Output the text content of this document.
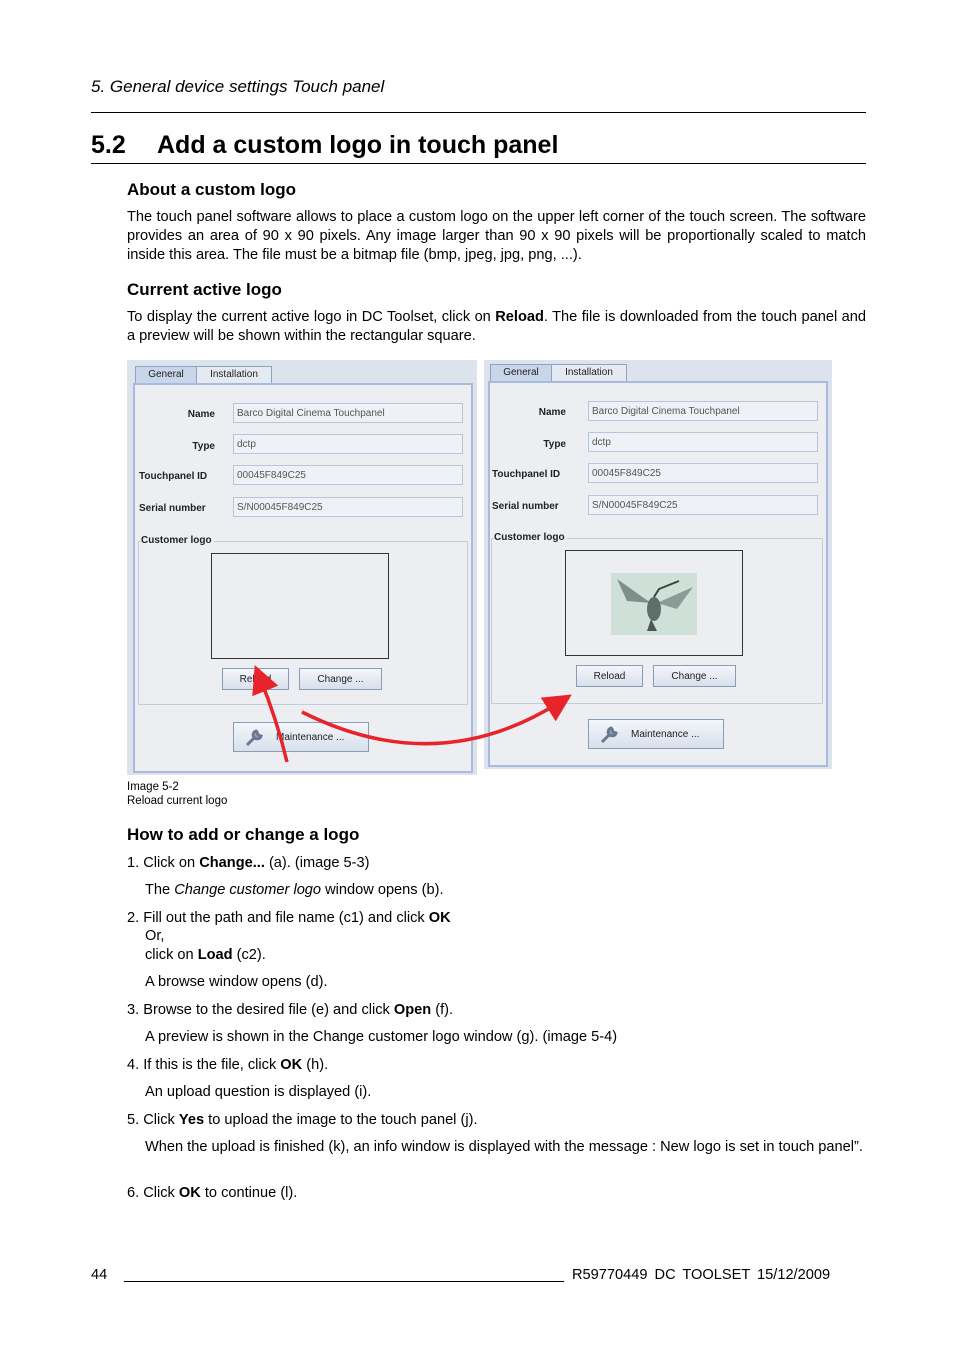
5. General device settings Touch panel
5.2 Add a custom logo in touch panel
About a custom logo
The touch panel software allows to place a custom logo on the upper left corner of the touch screen. The software provides an area of 90 x 90 pixels. Any image larger than 90 x 90 pixels will be proportionally scaled to match inside this area. The file must be a bitmap file (bmp, jpeg, jpg, png, ...).
Current active logo
To display the current active logo in DC Toolset, click on Reload. The file is downloaded from the touch panel and a preview will be shown within the rectangular square.
General	Installation
Name	Barco Digital Cinema Touchpanel
Type	dctp
Touchpanel ID	00045F849C25
Serial number	S/N00045F849C25
Customer logo
Reload	Change ...
Maintenance ...
General	Installation
Name	Barco Digital Cinema Touchpanel
Type	dctp
Touchpanel ID	00045F849C25
Serial number	S/N00045F849C25
Customer logo
Reload	Change ...
Maintenance ...
Image 5-2
Reload current logo
How to add or change a logo
1. Click on Change... (a). (image 5-3)
The Change customer logo window opens (b).
2. Fill out the path and file name (c1) and click OK
Or,
click on Load (c2).
A browse window opens (d).
3. Browse to the desired file (e) and click Open (f).
A preview is shown in the Change customer logo window (g). (image 5-4)
4. If this is the file, click OK (h).
An upload question is displayed (i).
5. Click Yes to upload the image to the touch panel (j).
When the upload is finished (k), an info window is displayed with the message : New logo is set in touch panel”.
6. Click OK to continue (l).
44	R59770449 DC TOOLSET 15/12/2009
